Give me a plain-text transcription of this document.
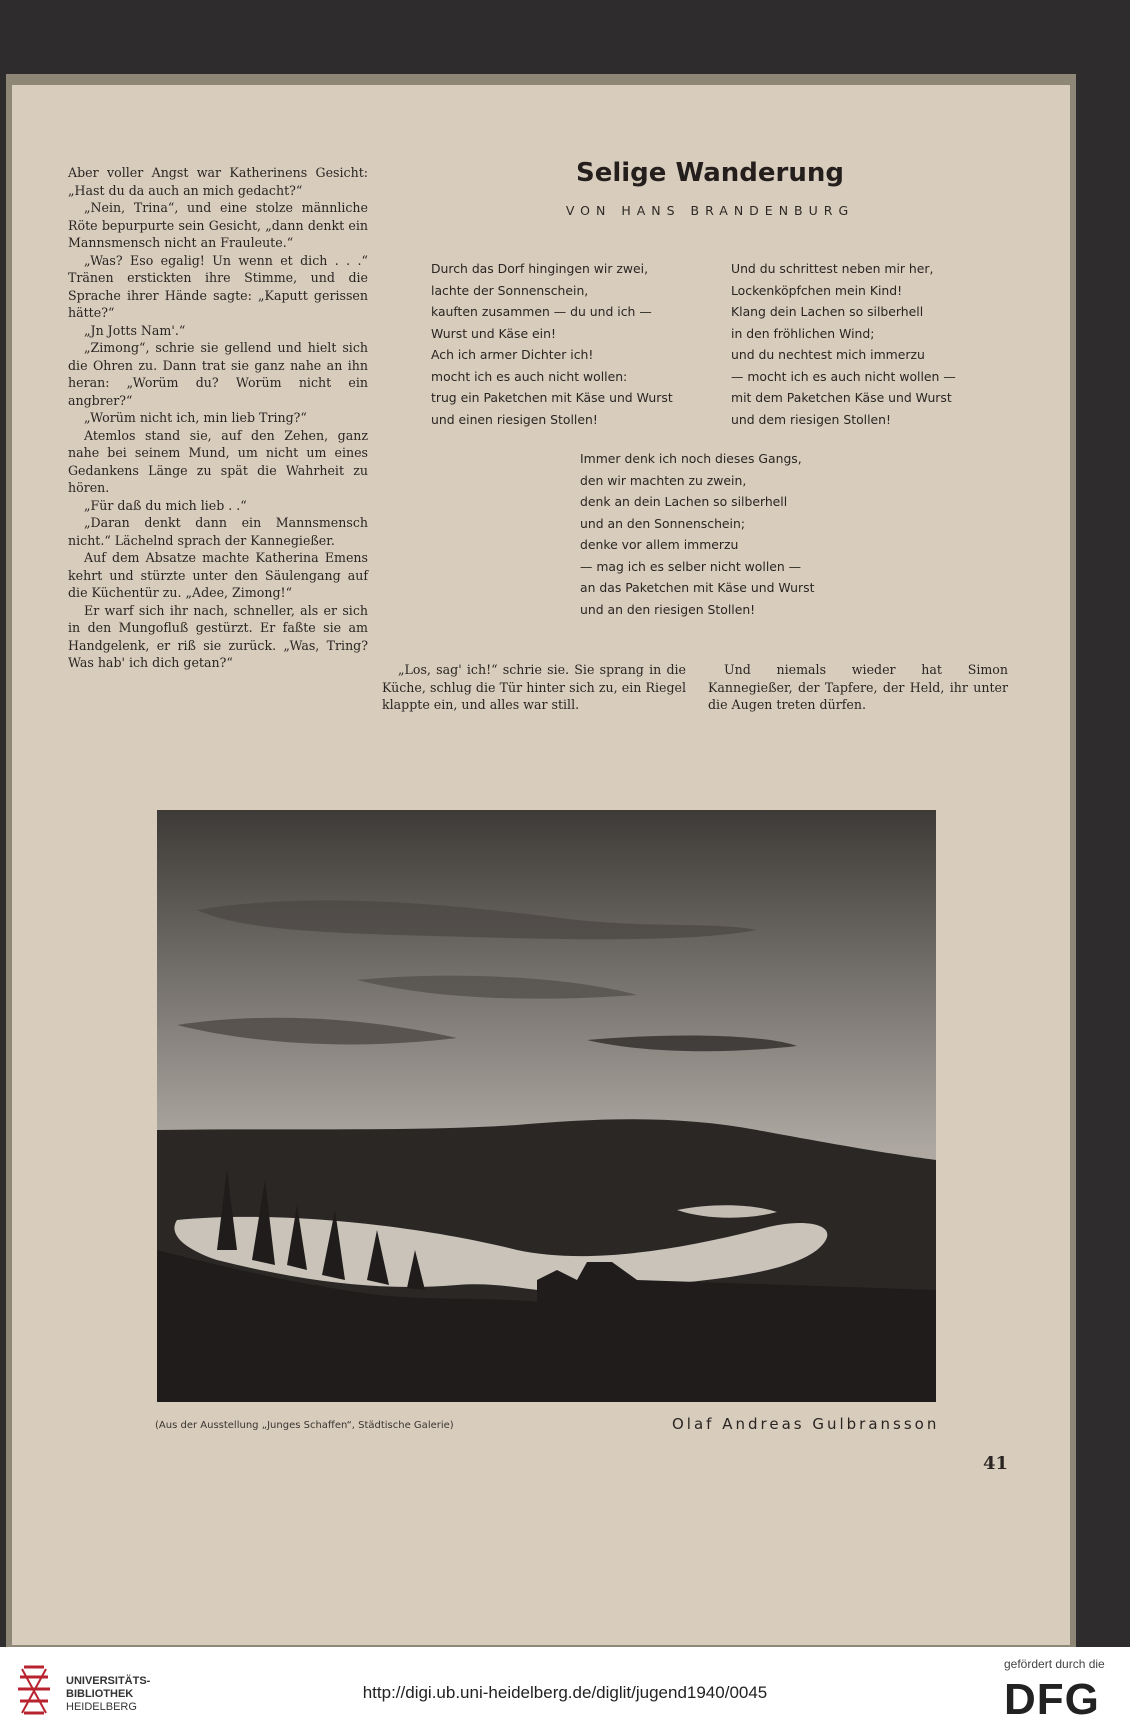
Aber voller Angst war Katherinens Gesicht: „Hast du da auch an mich gedacht?“

„Nein, Trina“, und eine stolze männliche Röte bepurpurte sein Gesicht, „dann denkt ein Mannsmensch nicht an Frauleute.“

„Was? Eso egalig! Un wenn et dich . . .“ Tränen erstickten ihre Stimme, und die Sprache ihrer Hände sagte: „Kaputt gerissen hätte?“

„Jn Jotts Nam'.“

„Zimong“, schrie sie gellend und hielt sich die Ohren zu. Dann trat sie ganz nahe an ihn heran: „Worüm du? Worüm nicht ein angbrer?“

„Worüm nicht ich, min lieb Tring?“

Atemlos stand sie, auf den Zehen, ganz nahe bei seinem Mund, um nicht um eines Gedankens Länge zu spät die Wahrheit zu hören.

„Für daß du mich lieb . .“

„Daran denkt dann ein Mannsmensch nicht.“ Lächelnd sprach der Kannegießer.

Auf dem Absatze machte Katherina Emens kehrt und stürzte unter den Säulengang auf die Küchentür zu. „Adee, Zimong!“

Er warf sich ihr nach, schneller, als er sich in den Mungofluß gestürzt. Er faßte sie am Handgelenk, er riß sie zurück. „Was, Tring? Was hab' ich dich getan?“

Selige Wanderung
VON HANS BRANDENBURG
Durch das Dorf hingingen wir zwei,
lachte der Sonnenschein,
kauften zusammen — du und ich —
Wurst und Käse ein!
Ach ich armer Dichter ich!
mocht ich es auch nicht wollen:
trug ein Paketchen mit Käse und Wurst
und einen riesigen Stollen!
Und du schrittest neben mir her,
Lockenköpfchen mein Kind!
Klang dein Lachen so silberhell
in den fröhlichen Wind;
und du nechtest mich immerzu
— mocht ich es auch nicht wollen —
mit dem Paketchen Käse und Wurst
und dem riesigen Stollen!
Immer denk ich noch dieses Gangs,
den wir machten zu zwein,
denk an dein Lachen so silberhell
und an den Sonnenschein;
denke vor allem immerzu
— mag ich es selber nicht wollen —
an das Paketchen mit Käse und Wurst
und an den riesigen Stollen!
„Los, sag' ich!“ schrie sie. Sie sprang in die Küche, schlug die Tür hinter sich zu, ein Riegel klappte ein, und alles war still.
Und niemals wieder hat Simon Kannegießer, der Tapfere, der Held, ihr unter die Augen treten dürfen.
(Aus der Ausstellung „Junges Schaffen“, Städtische Galerie)	Olaf Andreas Gulbransson
41
UNIVERSITÄTS-
BIBLIOTHEK
HEIDELBERG
http://digi.ub.uni-heidelberg.de/diglit/jugend1940/0045
gefördert durch die
DFG
